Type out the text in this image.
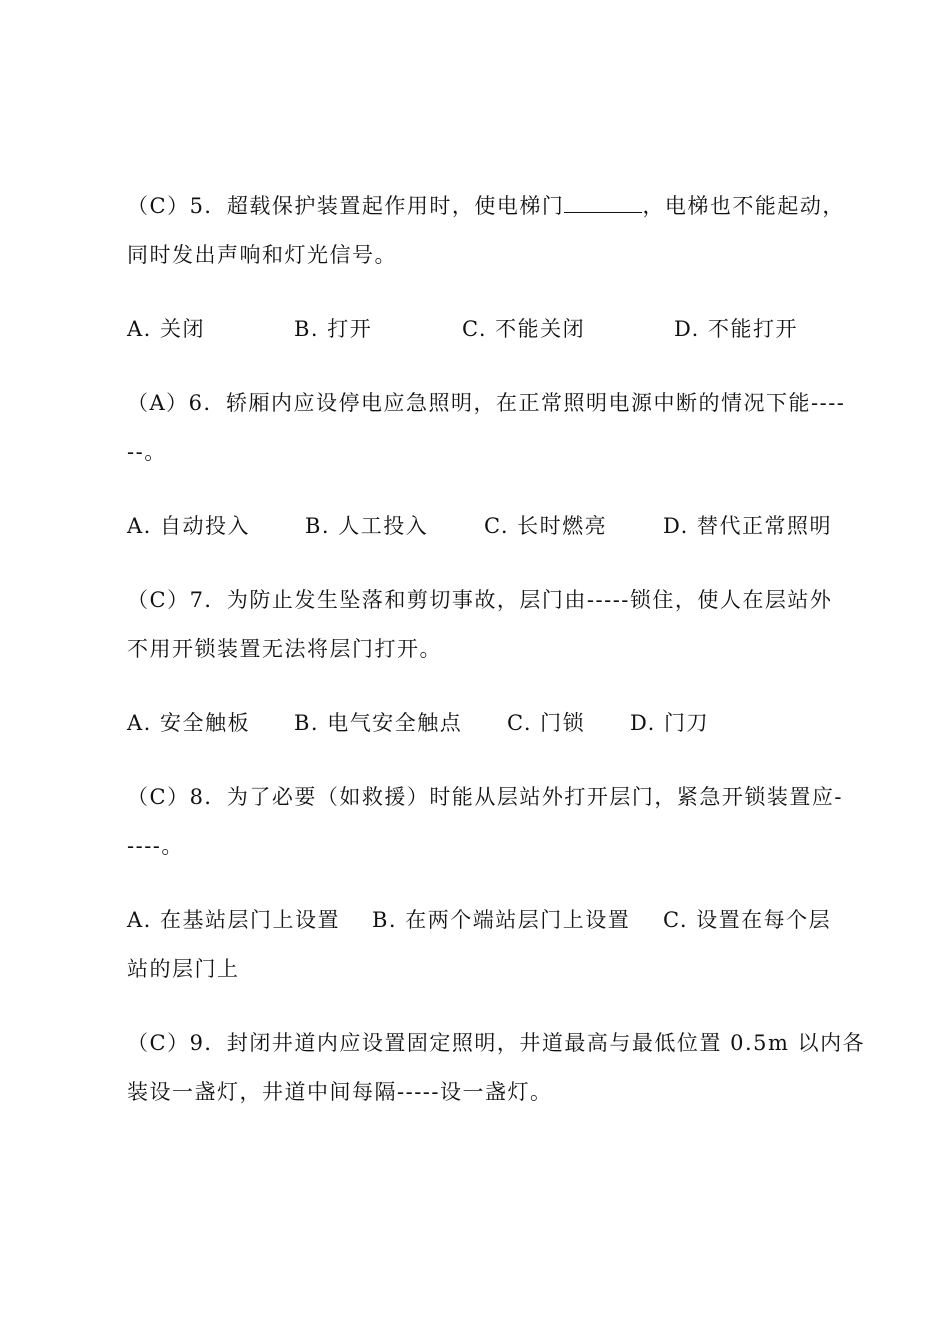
（C）5．超载保护装置起作用时，使电梯门	，电梯也不能起动，
同时发出声响和灯光信号。
A. 关闭	B. 打开	C. 不能关闭	D. 不能打开
（A）6．轿厢内应设停电应急照明，在正常照明电源中断的情况下能----
--。
A. 自动投入	B. 人工投入	C. 长时燃亮	D. 替代正常照明
（C）7．为防止发生坠落和剪切事故，层门由-----锁住，使人在层站外
不用开锁装置无法将层门打开。
A. 安全触板 B. 电气安全触点 C. 门锁 D. 门刀
（C）8．为了必要（如救援）时能从层站外打开层门，紧急开锁装置应-
----。
A. 在基站层门上设置 B. 在两个端站层门上设置 C. 设置在每个层
站的层门上
（C）9．封闭井道内应设置固定照明，井道最高与最低位置 0.5m 以内各
装设一盏灯，井道中间每隔-----设一盏灯。
